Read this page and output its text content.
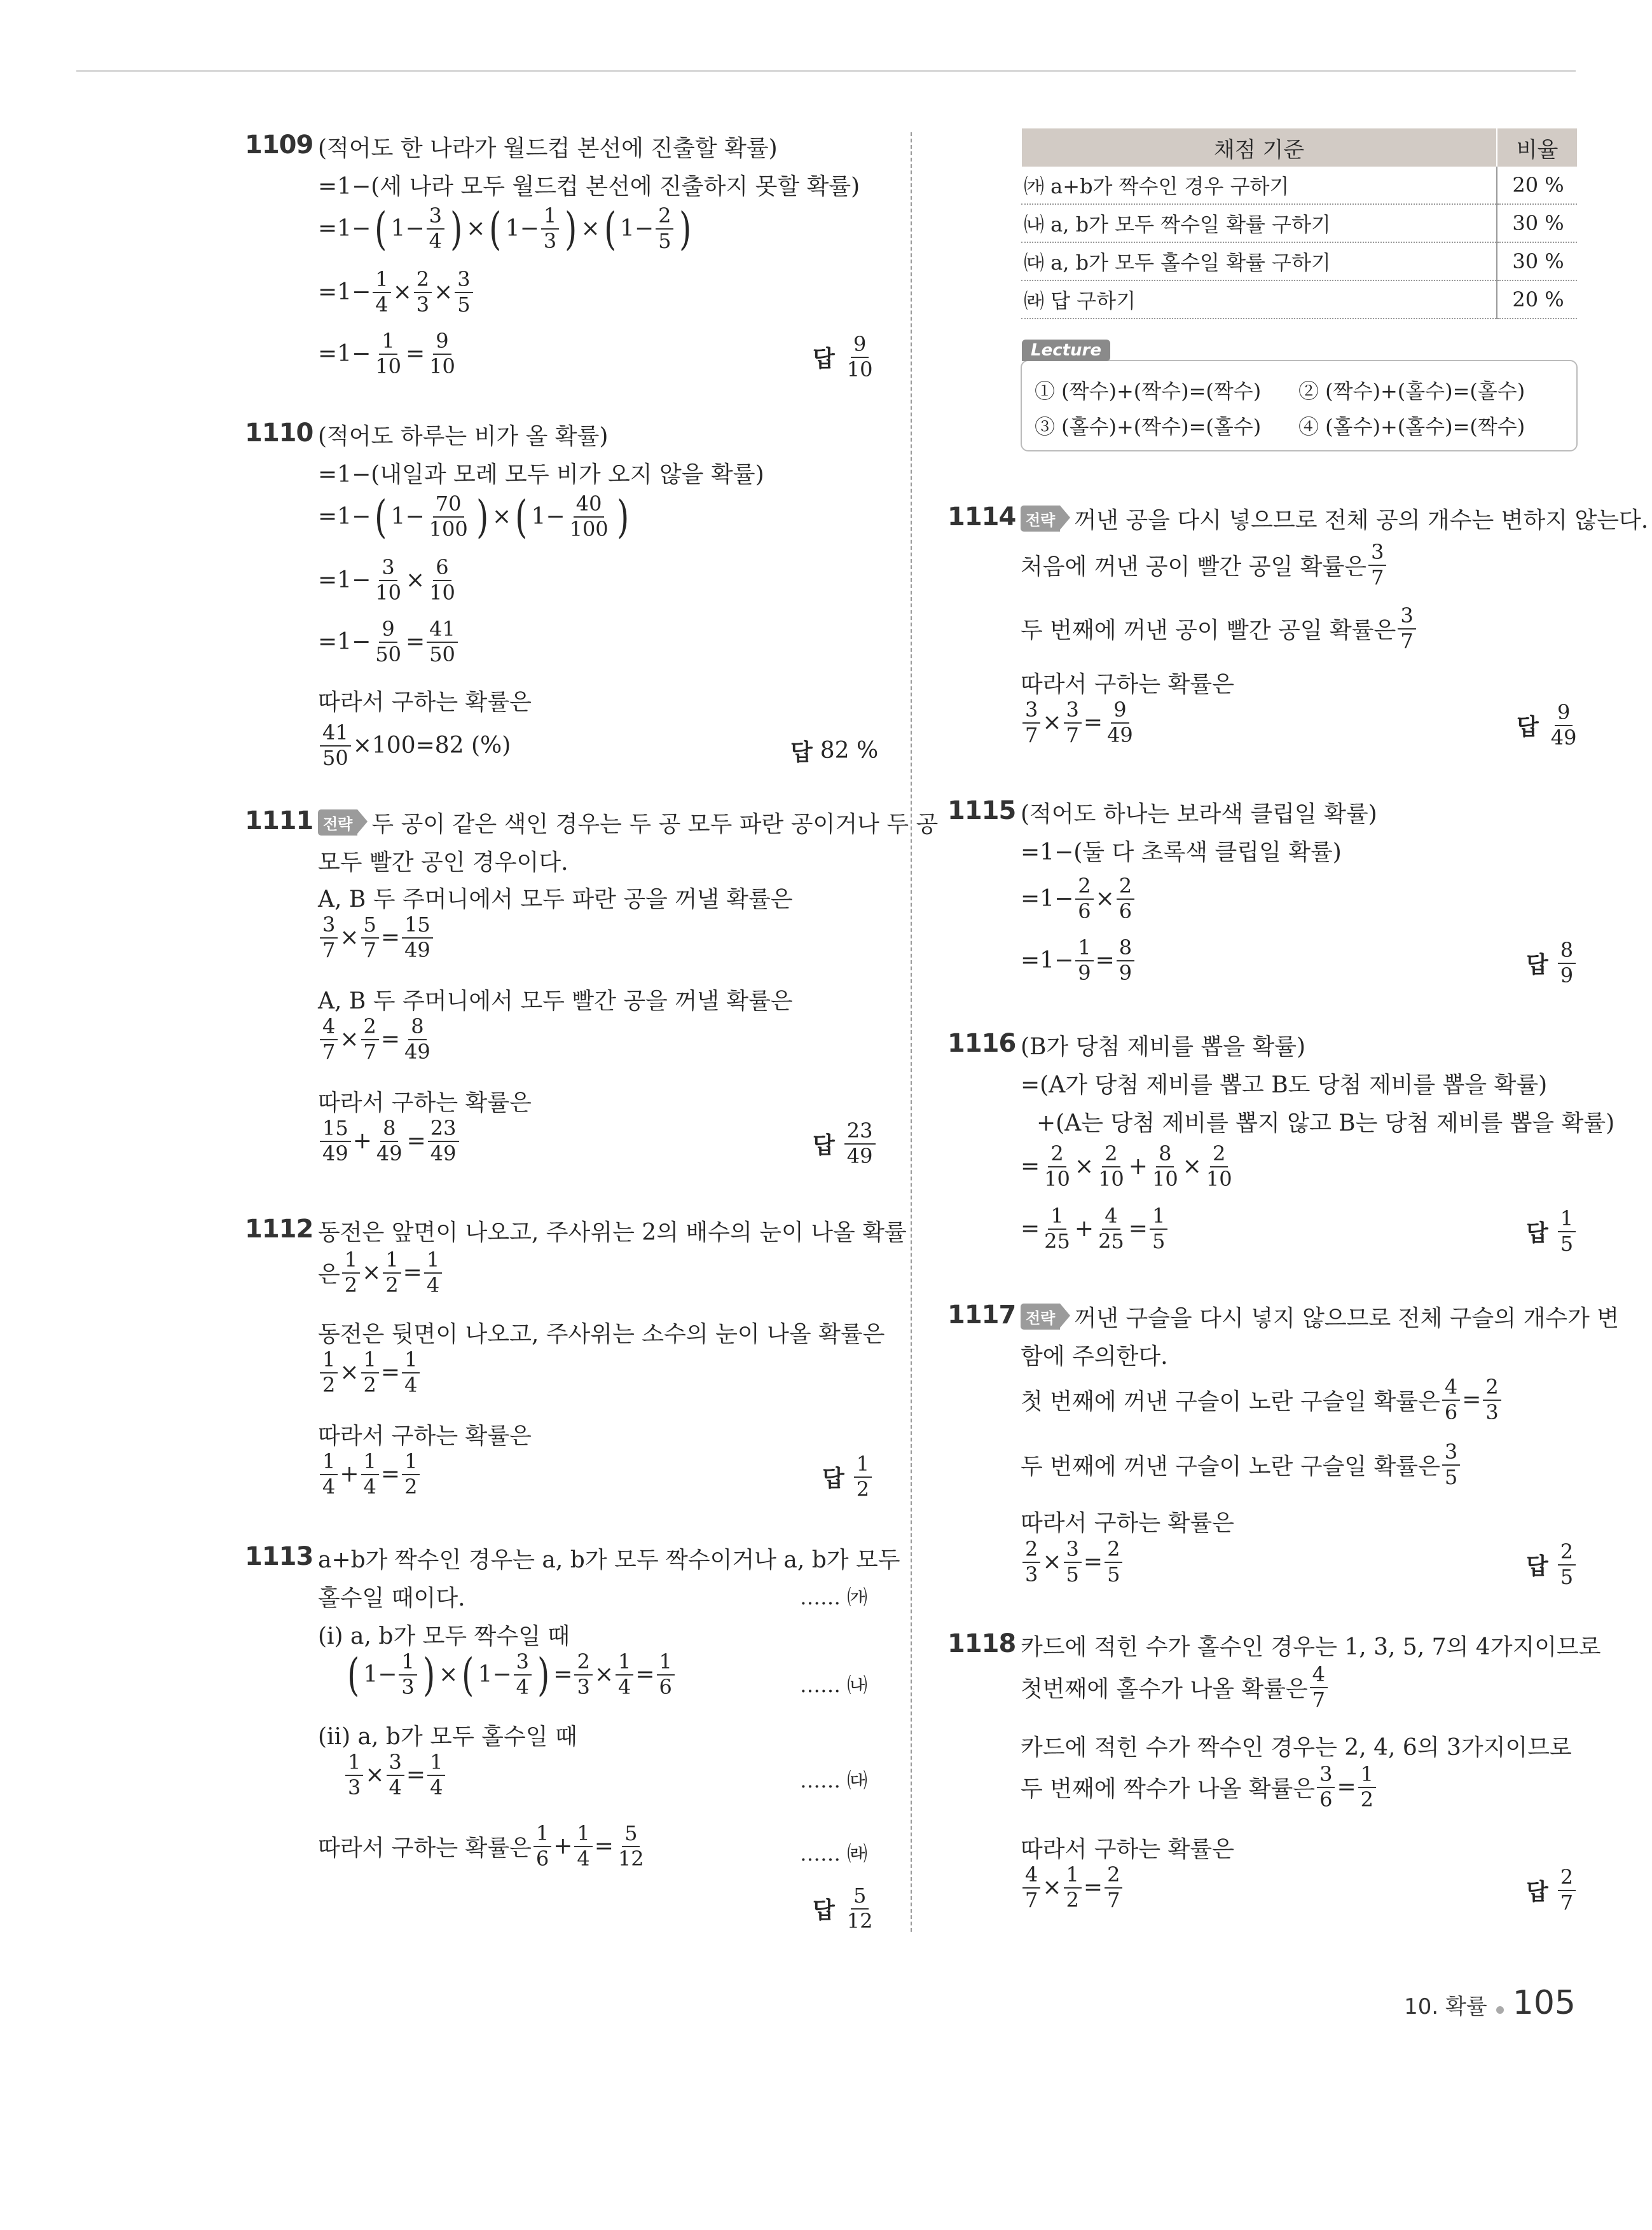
1109 (적어도 한 나라가 월드컵 본선에 진출할 확률)
=1−(세 나라 모두 월드컵 본선에 진출하지 못할 확률)
=1− ( $1- \frac{3}{4}$ ) × ( $1- \frac{1}{3}$ ) × ( $1- \frac{2}{5}$ )
$=1- \frac{1}{4} \times \frac{2}{3} \times \frac{3}{5}$
$=1- \frac{1}{10} = \frac{9}{10}$	답 $\frac{9}{10}$
1110 (적어도 하루는 비가 올 확률)
=1−(내일과 모레 모두 비가 오지 않을 확률)
=1− ( $1- \frac{70}{100}$ ) × ( $1- \frac{40}{100}$ )
$=1- \frac{3}{10} \times \frac{6}{10}$
$=1- \frac{9}{50} = \frac{41}{50}$
따라서 구하는 확률은
$\frac{41}{50} \times 100=82$ (%)	답 82 %
1111 전략 두 공이 같은 색인 경우는 두 공 모두 파란 공이거나 두 공
모두 빨간 공인 경우이다.
A, B 두 주머니에서 모두 파란 공을 꺼낼 확률은
$\frac{3}{7} \times \frac{5}{7} = \frac{15}{49}$
A, B 두 주머니에서 모두 빨간 공을 꺼낼 확률은
$\frac{4}{7} \times \frac{2}{7} = \frac{8}{49}$
따라서 구하는 확률은
$\frac{15}{49} + \frac{8}{49} = \frac{23}{49}$	답 $\frac{23}{49}$
1112 동전은 앞면이 나오고, 주사위는 2의 배수의 눈이 나올 확률
은 $\frac{1}{2} \times \frac{1}{2} = \frac{1}{4}$
동전은 뒷면이 나오고, 주사위는 소수의 눈이 나올 확률은
$\frac{1}{2} \times \frac{1}{2} = \frac{1}{4}$
따라서 구하는 확률은
$\frac{1}{4} + \frac{1}{4} = \frac{1}{2}$	답 $\frac{1}{2}$
1113 a+b가 짝수인 경우는 a, b가 모두 짝수이거나 a, b가 모두
홀수일 때이다.	…… ㈎
(ⅰ) a, b가 모두 짝수일 때
( $1- \frac{1}{3}$ ) × ( $1- \frac{3}{4}$ ) = $\frac{2}{3} \times \frac{1}{4} = \frac{1}{6}$	…… ㈏
(ⅱ) a, b가 모두 홀수일 때
$\frac{1}{3} \times \frac{3}{4} = \frac{1}{4}$	…… ㈐
따라서 구하는 확률은 $\frac{1}{6} + \frac{1}{4} = \frac{5}{12}$	…… ㈑
답 $\frac{5}{12}$
채점 기준	비율
㈎ a+b가 짝수인 경우 구하기	20 %
㈏ a, b가 모두 짝수일 확률 구하기	30 %
㈐ a, b가 모두 홀수일 확률 구하기	30 %
㈑ 답 구하기	20 %
Lecture
① (짝수)+(짝수)=(짝수) ② (짝수)+(홀수)=(홀수)
③ (홀수)+(짝수)=(홀수) ④ (홀수)+(홀수)=(짝수)
1114 전략 꺼낸 공을 다시 넣으므로 전체 공의 개수는 변하지 않는다.
처음에 꺼낸 공이 빨간 공일 확률은 $\frac{3}{7}$
두 번째에 꺼낸 공이 빨간 공일 확률은 $\frac{3}{7}$
따라서 구하는 확률은
$\frac{3}{7} \times \frac{3}{7} = \frac{9}{49}$	답 $\frac{9}{49}$
1115 (적어도 하나는 보라색 클립일 확률)
=1−(둘 다 초록색 클립일 확률)
$=1- \frac{2}{6} \times \frac{2}{6}$
$=1- \frac{1}{9} = \frac{8}{9}$	답 $\frac{8}{9}$
1116 (B가 당첨 제비를 뽑을 확률)
=(A가 당첨 제비를 뽑고 B도 당첨 제비를 뽑을 확률)
+(A는 당첨 제비를 뽑지 않고 B는 당첨 제비를 뽑을 확률)
= $\frac{2}{10} \times \frac{2}{10} + \frac{8}{10} \times \frac{2}{10}$
= $\frac{1}{25} + \frac{4}{25} = \frac{1}{5}$	답 $\frac{1}{5}$
1117 전략 꺼낸 구슬을 다시 넣지 않으므로 전체 구슬의 개수가 변
함에 주의한다.
첫 번째에 꺼낸 구슬이 노란 구슬일 확률은 $\frac{4}{6} = \frac{2}{3}$
두 번째에 꺼낸 구슬이 노란 구슬일 확률은 $\frac{3}{5}$
따라서 구하는 확률은
$\frac{2}{3} \times \frac{3}{5} = \frac{2}{5}$	답 $\frac{2}{5}$
1118 카드에 적힌 수가 홀수인 경우는 1, 3, 5, 7의 4가지이므로
첫번째에 홀수가 나올 확률은 $\frac{4}{7}$
카드에 적힌 수가 짝수인 경우는 2, 4, 6의 3가지이므로
두 번째에 짝수가 나올 확률은 $\frac{3}{6} = \frac{1}{2}$
따라서 구하는 확률은
$\frac{4}{7} \times \frac{1}{2} = \frac{2}{7}$	답 $\frac{2}{7}$
10. 확률 105
